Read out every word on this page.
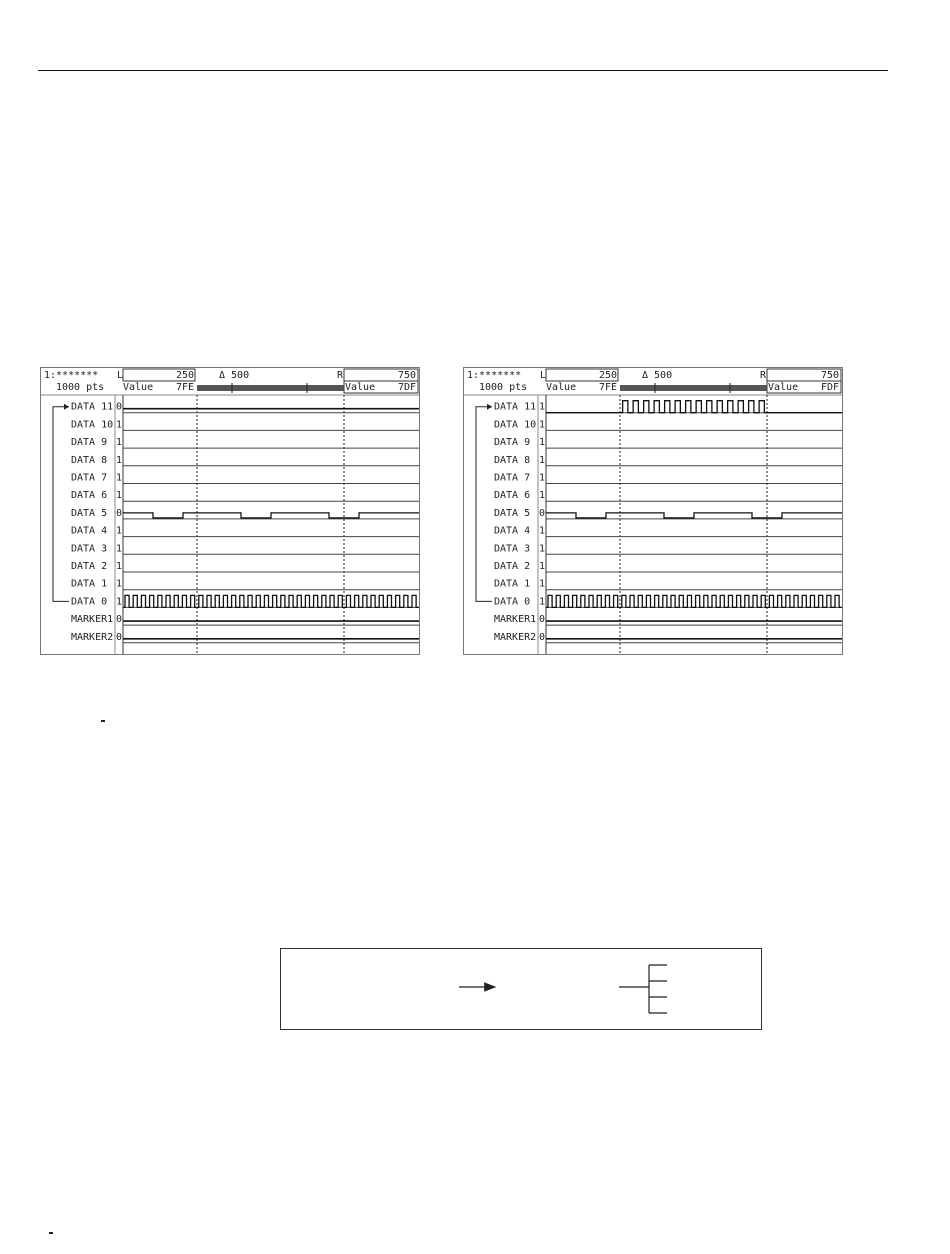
1:*******
1000 pts
L	250	Δ 500	R	750
Value 7FE	Value 7DF
DATA 11 0
DATA 10 1
DATA 9 1
DATA 8 1
DATA 7 1
DATA 6 1
DATA 5 0
DATA 4 1
DATA 3 1
DATA 2 1
DATA 1 1
DATA 0 1
MARKER1 0
MARKER2 0
1:*******
1000 pts
L	250	Δ 500	R	750
Value 7FE	Value FDF
DATA 11 1
DATA 10 1
DATA 9 1
DATA 8 1
DATA 7 1
DATA 6 1
DATA 5 0
DATA 4 1
DATA 3 1
DATA 2 1
DATA 1 1
DATA 0 1
MARKER1 0
MARKER2 0
